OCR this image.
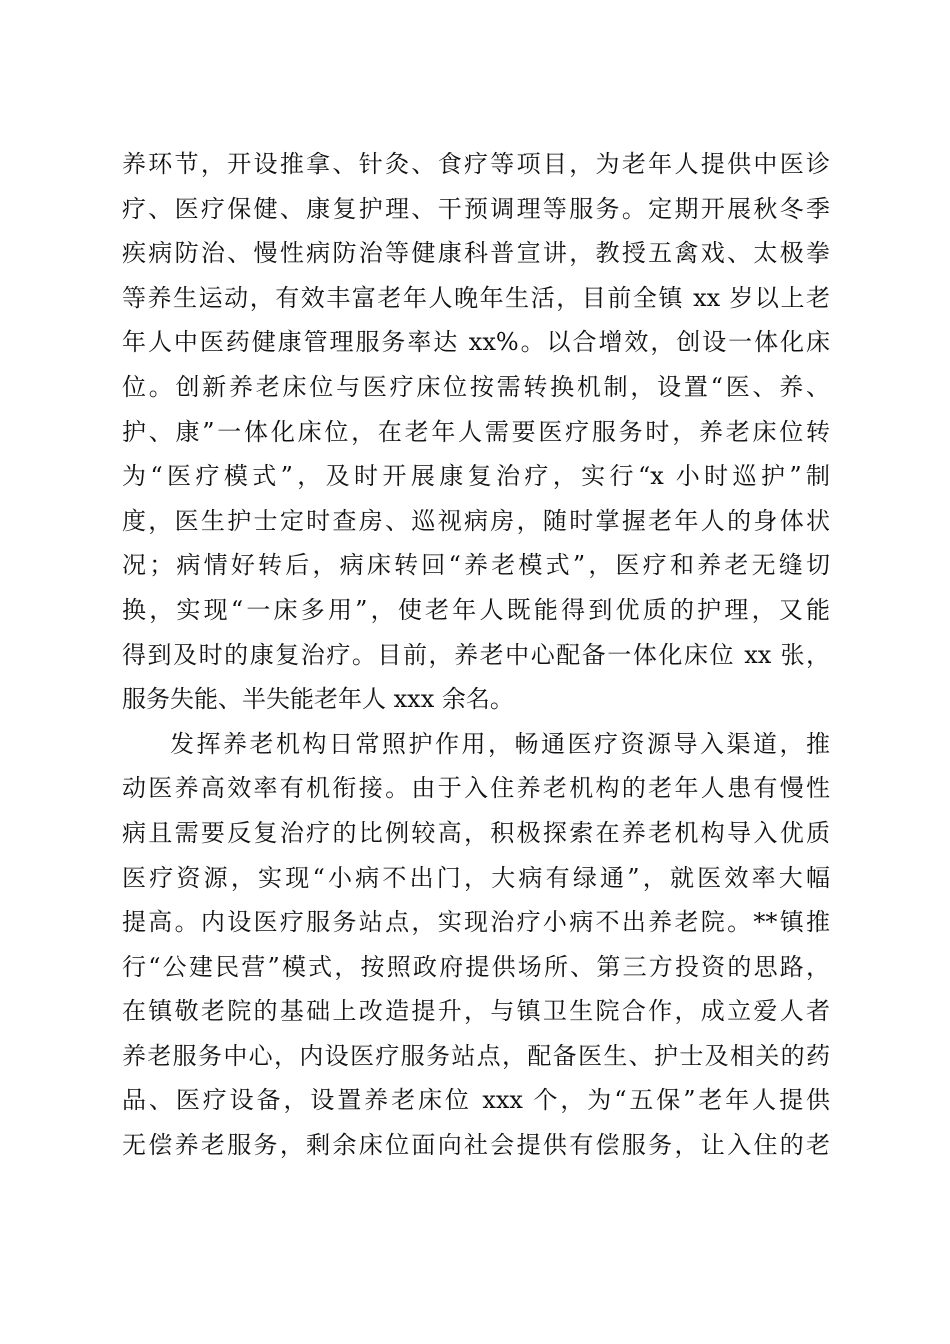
养环节，开设推拿、针灸、食疗等项目，为老年人提供中医诊
疗、医疗保健、康复护理、干预调理等服务。定期开展秋冬季
疾病防治、慢性病防治等健康科普宣讲，教授五禽戏、太极拳
等养生运动，有效丰富老年人晚年生活，目前全镇 xx 岁以上老
年人中医药健康管理服务率达 xx%。以合增效，创设一体化床
位。创新养老床位与医疗床位按需转换机制，设置“医、养、
护、康”一体化床位，在老年人需要医疗服务时，养老床位转
为“医疗模式”，及时开展康复治疗，实行“x 小时巡护”制
度，医生护士定时查房、巡视病房，随时掌握老年人的身体状
况；病情好转后，病床转回“养老模式”，医疗和养老无缝切
换，实现“一床多用”，使老年人既能得到优质的护理，又能
得到及时的康复治疗。目前，养老中心配备一体化床位 xx 张，
服务失能、半失能老年人 xxx 余名。
发挥养老机构日常照护作用，畅通医疗资源导入渠道，推
动医养高效率有机衔接。由于入住养老机构的老年人患有慢性
病且需要反复治疗的比例较高，积极探索在养老机构导入优质
医疗资源，实现“小病不出门，大病有绿通”，就医效率大幅
提高。内设医疗服务站点，实现治疗小病不出养老院。**镇推
行“公建民营”模式，按照政府提供场所、第三方投资的思路，
在镇敬老院的基础上改造提升，与镇卫生院合作，成立爱人者
养老服务中心，内设医疗服务站点，配备医生、护士及相关的药
品、医疗设备，设置养老床位 xxx 个，为“五保”老年人提供
无偿养老服务，剩余床位面向社会提供有偿服务，让入住的老
